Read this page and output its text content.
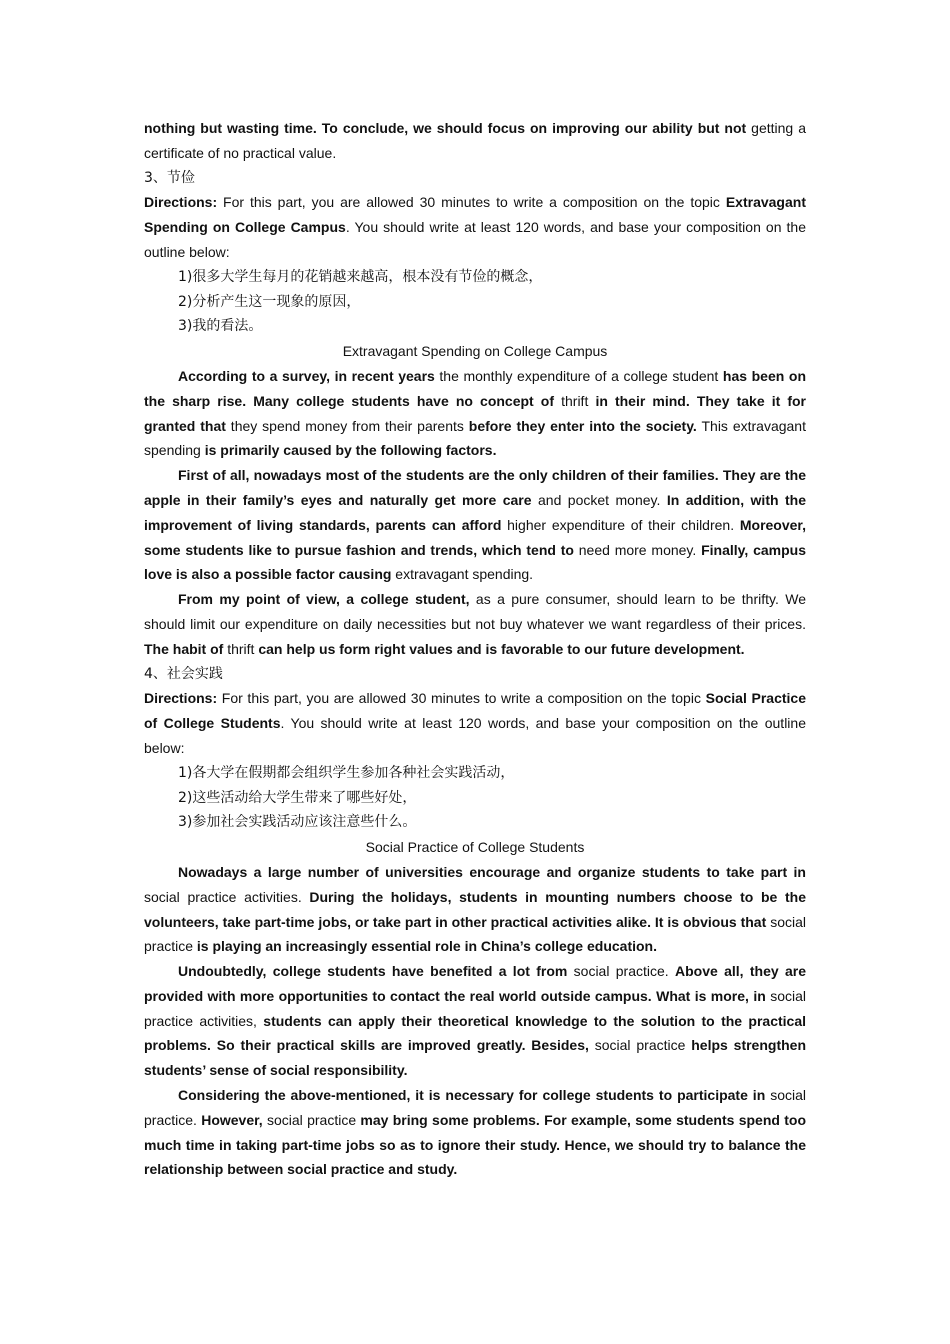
nothing but wasting time. To conclude, we should focus on improving our ability but not getting a certificate of no practical value.

3、节俭

Directions: For this part, you are allowed 30 minutes to write a composition on the topic Extravagant Spending on College Campus. You should write at least 120 words, and base your composition on the outline below:

1)很多大学生每月的花销越来越高，根本没有节俭的概念，

2)分析产生这一现象的原因，

3)我的看法。

Extravagant Spending on College Campus

According to a survey, in recent years the monthly expenditure of a college student has been on the sharp rise. Many college students have no concept of thrift in their mind. They take it for granted that they spend money from their parents before they enter into the society. This extravagant spending is primarily caused by the following factors.

First of all, nowadays most of the students are the only children of their families. They are the apple in their family’s eyes and naturally get more care and pocket money. In addition, with the improvement of living standards, parents can afford higher expenditure of their children. Moreover, some students like to pursue fashion and trends, which tend to need more money. Finally, campus love is also a possible factor causing extravagant spending.

From my point of view, a college student, as a pure consumer, should learn to be thrifty. We should limit our expenditure on daily necessities but not buy whatever we want regardless of their prices. The habit of thrift can help us form right values and is favorable to our future development.

4、社会实践

Directions: For this part, you are allowed 30 minutes to write a composition on the topic Social Practice of College Students. You should write at least 120 words, and base your composition on the outline below:

1)各大学在假期都会组织学生参加各种社会实践活动，

2)这些活动给大学生带来了哪些好处，

3)参加社会实践活动应该注意些什么。

Social Practice of College Students

Nowadays a large number of universities encourage and organize students to take part in social practice activities. During the holidays, students in mounting numbers choose to be the volunteers, take part-time jobs, or take part in other practical activities alike. It is obvious that social practice is playing an increasingly essential role in China’s college education.

Undoubtedly, college students have benefited a lot from social practice. Above all, they are provided with more opportunities to contact the real world outside campus. What is more, in social practice activities, students can apply their theoretical knowledge to the solution to the practical problems. So their practical skills are improved greatly. Besides, social practice helps strengthen students’ sense of social responsibility.

Considering the above-mentioned, it is necessary for college students to participate in social practice. However, social practice may bring some problems. For example, some students spend too much time in taking part-time jobs so as to ignore their study. Hence, we should try to balance the relationship between social practice and study.
